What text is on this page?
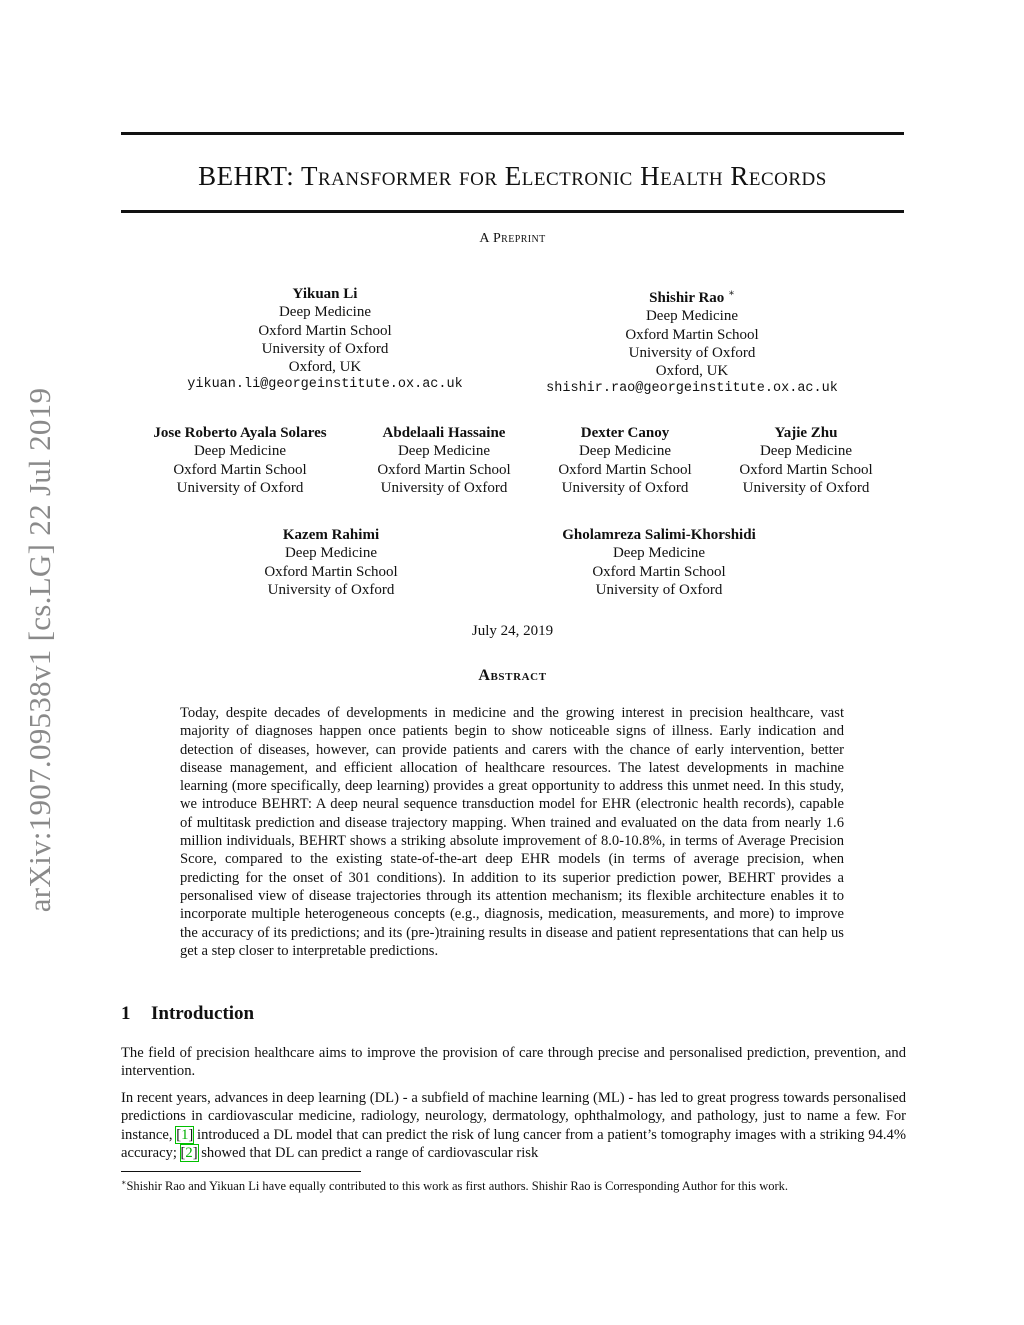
arXiv:1907.09538v1 [cs.LG] 22 Jul 2019
BEHRT: Transformer for Electronic Health Records
A Preprint
Yikuan Li
Deep Medicine
Oxford Martin School
University of Oxford
Oxford, UK
yikuan.li@georgeinstitute.ox.ac.uk
Shishir Rao ∗
Deep Medicine
Oxford Martin School
University of Oxford
Oxford, UK
shishir.rao@georgeinstitute.ox.ac.uk
Jose Roberto Ayala Solares
Deep Medicine
Oxford Martin School
University of Oxford
Abdelaali Hassaine
Deep Medicine
Oxford Martin School
University of Oxford
Dexter Canoy
Deep Medicine
Oxford Martin School
University of Oxford
Yajie Zhu
Deep Medicine
Oxford Martin School
University of Oxford
Kazem Rahimi
Deep Medicine
Oxford Martin School
University of Oxford
Gholamreza Salimi-Khorshidi
Deep Medicine
Oxford Martin School
University of Oxford
July 24, 2019
Abstract

Today, despite decades of developments in medicine and the growing interest in precision healthcare, vast majority of diagnoses happen once patients begin to show noticeable signs of illness. Early indication and detection of diseases, however, can provide patients and carers with the chance of early intervention, better disease management, and efficient allocation of healthcare resources. The latest developments in machine learning (more specifically, deep learning) provides a great opportunity to address this unmet need. In this study, we introduce BEHRT: A deep neural sequence transduction model for EHR (electronic health records), capable of multitask prediction and disease trajectory mapping. When trained and evaluated on the data from nearly 1.6 million individuals, BEHRT shows a striking absolute improvement of 8.0-10.8%, in terms of Average Precision Score, compared to the existing state-of-the-art deep EHR models (in terms of average precision, when predicting for the onset of 301 conditions). In addition to its superior prediction power, BEHRT provides a personalised view of disease trajectories through its attention mechanism; its flexible architecture enables it to incorporate multiple heterogeneous concepts (e.g., diagnosis, medication, measurements, and more) to improve the accuracy of its predictions; and its (pre-)training results in disease and patient representations that can help us get a step closer to interpretable predictions.

1 Introduction

The field of precision healthcare aims to improve the provision of care through precise and personalised prediction, prevention, and intervention.

In recent years, advances in deep learning (DL) - a subfield of machine learning (ML) - has led to great progress towards personalised predictions in cardiovascular medicine, radiology, neurology, dermatology, ophthalmology, and pathology, just to name a few. For instance, [1] introduced a DL model that can predict the risk of lung cancer from a patient’s tomography images with a striking 94.4% accuracy; [2] showed that DL can predict a range of cardiovascular risk

∗Shishir Rao and Yikuan Li have equally contributed to this work as first authors. Shishir Rao is Corresponding Author for this work.
